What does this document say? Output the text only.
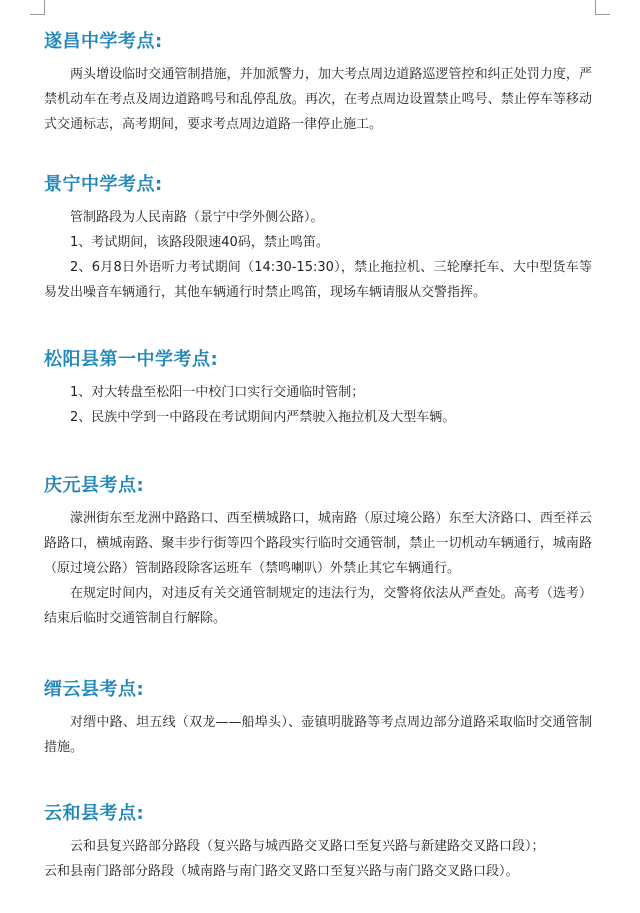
遂昌中学考点:

两头增设临时交通管制措施，并加派警力，加大考点周边道路巡逻管控和纠正处罚力度，严禁机动车在考点及周边道路鸣号和乱停乱放。再次，在考点周边设置禁止鸣号、禁止停车等移动式交通标志，高考期间，要求考点周边道路一律停止施工。

景宁中学考点:

管制路段为人民南路（景宁中学外侧公路）。

1、考试期间，该路段限速40码，禁止鸣笛。

2、6月8日外语听力考试期间（14:30-15:30），禁止拖拉机、三轮摩托车、大中型货车等易发出噪音车辆通行，其他车辆通行时禁止鸣笛，现场车辆请服从交警指挥。

松阳县第一中学考点:

1、对大转盘至松阳一中校门口实行交通临时管制；

2、民族中学到一中路段在考试期间内严禁驶入拖拉机及大型车辆。

庆元县考点:

濛洲街东至龙洲中路路口、西至横城路口，城南路（原过境公路）东至大济路口、西至祥云路路口，横城南路、聚丰步行街等四个路段实行临时交通管制，禁止一切机动车辆通行，城南路（原过境公路）管制路段除客运班车（禁鸣喇叭）外禁止其它车辆通行。

在规定时间内，对违反有关交通管制规定的违法行为，交警将依法从严查处。高考（选考）结束后临时交通管制自行解除。

缙云县考点:

对缙中路、坦五线（双龙——船埠头）、壶镇明胧路等考点周边部分道路采取临时交通管制措施。

云和县考点:

云和县复兴路部分路段（复兴路与城西路交叉路口至复兴路与新建路交叉路口段）；

云和县南门路部分路段（城南路与南门路交叉路口至复兴路与南门路交叉路口段）。
